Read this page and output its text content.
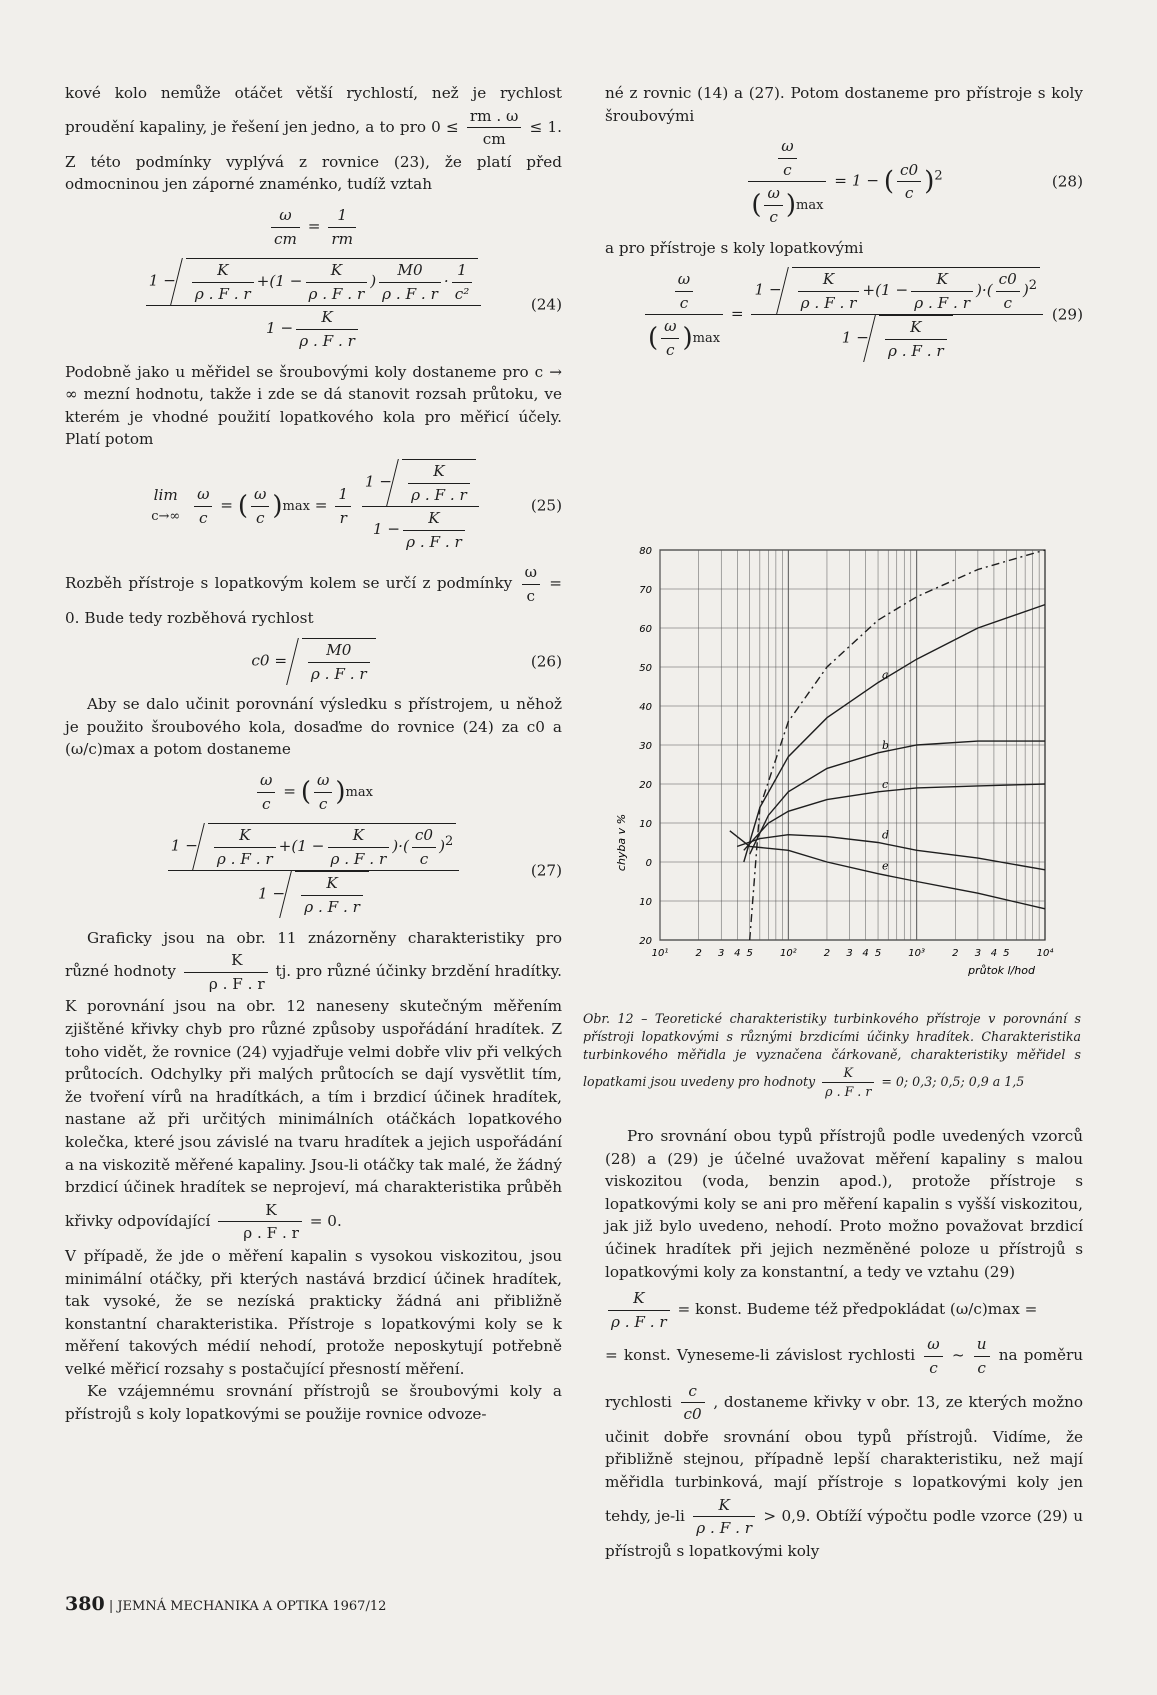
kové kolo nemůže otáčet větší rychlostí, než je rychlost proudění kapaliny, je řešení jen jedno, a to pro $0 \le \frac{rm . \omega}{cm} \le 1$. Z této podmínky vyplývá z rovnice (23), že platí před odmocninou jen záporné znaménko, tudíž vztah

$\frac{\omega}{cm} = \frac{1}{rm}$
$\frac{1 - \frac{K}{\rho . F . r} +(1 - \frac{K}{\rho . F . r} ) \frac{M0}{\rho . F . r} \cdot \frac{1}{\text{c²}}}{1 - \frac{K}{\rho . F . r}}$	(24)

Podobně jako u měřidel se šroubovými koly dostaneme pro c → ∞ mezní hodnotu, takže i zde se dá stanovit rozsah průtoku, ve kterém je vhodné použití lopatkového kola pro měřicí účely. Platí potom

lim
c→∞
$\frac{\omega}{c}$ = ( $\frac{\omega}{c} )\max = \frac{1}{r}$
$\frac{1 - \frac{K}{\rho . F . r}}{1 - \frac{K}{\rho . F . r}}$	(25)

Rozběh přístroje s lopatkovým kolem se určí z podmínky $\frac{\omega}{c} = 0$. Bude tedy rozběhová rychlost

$c0 = \frac{M0}{\rho . F . r}$	(26)

Aby se dalo učinit porovnání výsledku s přístrojem, u něhož je použito šroubového kola, dosaďme do rovnice (24) za c0 a (ω/c)max a potom dostaneme

$\frac{\omega}{c}$ = ( $\frac{\omega}{c} )\max$
$\frac{1 - \frac{K}{\rho . F . r} +(1 - \frac{K}{\rho . F . r} )\cdot( \frac{c0}{c} )^2}{1 - \frac{K}{\rho . F . r}}$	(27)

Graficky jsou na obr. 11 znázorněny charakteristiky pro různé hodnoty $\frac{K}{\rho . F . r}$ tj. pro různé účinky brzdění hradítky. K porovnání jsou na obr. 12 naneseny skutečným měřením zjištěné křivky chyb pro různé způsoby uspořádání hradítek. Z toho vidět, že rovnice (24) vyjadřuje velmi dobře vliv při velkých průtocích. Odchylky při malých průtocích se dají vysvětlit tím, že tvoření vírů na hradítkách, a tím i brzdicí účinek hradítek, nastane až při určitých minimálních otáčkách lopatkového kolečka, které jsou závislé na tvaru hradítek a jejich uspořádání a na viskozitě měřené kapaliny. Jsou-li otáčky tak malé, že žádný brzdicí účinek hradítek se neprojeví, má charakteristika průběh křivky odpovídající $\frac{K}{\rho . F . r} = 0$.

V případě, že jde o měření kapalin s vysokou viskozitou, jsou minimální otáčky, při kterých nastává brzdicí účinek hradítek, tak vysoké, že se nezíská prakticky žádná ani přibližně konstantní charakteristika. Přístroje s lopatkovými koly se k měření takových médií nehodí, protože neposkytují potřebně velké měřicí rozsahy s postačující přesností měření.

Ke vzájemnému srovnání přístrojů se šroubovými koly a přístrojů s koly lopatkovými se použije rovnice odvoze-

né z rovnic (14) a (27). Potom dostaneme pro přístroje s koly šroubovými

$\frac{\frac{\omega}{c}}{( \frac{\omega}{c} )\max} = 1$ − ( $\frac{c0}{c} )^2$	(28)

a pro přístroje s koly lopatkovými

$\frac{\frac{\omega}{c}}{( \frac{\omega}{c} )\max} = \frac{1 - \frac{K}{\rho . F . r} +(1 - \frac{K}{\rho . F . r} )\cdot( \frac{c0}{c} )^2}{1 - \frac{K}{\rho . F . r}} (29)$
80
70
60
50
40
30
20
10
0
10
20
10¹	2 3 4 5	10²	2 3 4 5	10³	2 3 4 5	10⁴
průtok l/hod
chyba v %
a
b
c
d
e
Obr. 12 – Teoretické charakteristiky turbinkového přístroje v porovnání s přístroji lopatkovými s různými brzdicími účinky hradítek. Charakteristika turbinkového měřidla je vyznačena čárkovaně, charakteristiky měřidel s lopatkami jsou uvedeny pro hodnoty $\frac{K}{\rho . F . r} = 0$; 0,3; 0,5; 0,9 a 1,5

Pro srovnání obou typů přístrojů podle uvedených vzorců (28) a (29) je účelné uvažovat měření kapaliny s malou viskozitou (voda, benzin apod.), protože přístroje s lopatkovými koly se ani pro měření kapalin s vyšší viskozitou, jak již bylo uvedeno, nehodí. Proto možno považovat brzdicí účinek hradítek při jejich nezměněné poloze u přístrojů s lopatkovými koly za konstantní, a tedy ve vztahu (29)

$\frac{K}{\rho . F . r}$ = konst. Budeme též předpokládat (ω/c)max =

= konst. Vyneseme-li závislost rychlosti $\frac{\omega}{c}$ ~ $\frac{u}{c}$ na poměru rychlosti $\frac{c}{c0}$ , dostaneme křivky v obr. 13, ze kterých možno učinit dobře srovnání obou typů přístrojů. Vidíme, že přibližně stejnou, případně lepší charakteristiku, než mají měřidla turbinková, mají přístroje s lopatkovými koly jen tehdy, $je-li \frac{K}{\rho . F . r} > 0,9$. Obtíží výpočtu podle vzorce (29) u přístrojů s lopatkovými koly

380 | JEMNÁ MECHANIKA A OPTIKA 1967/12
